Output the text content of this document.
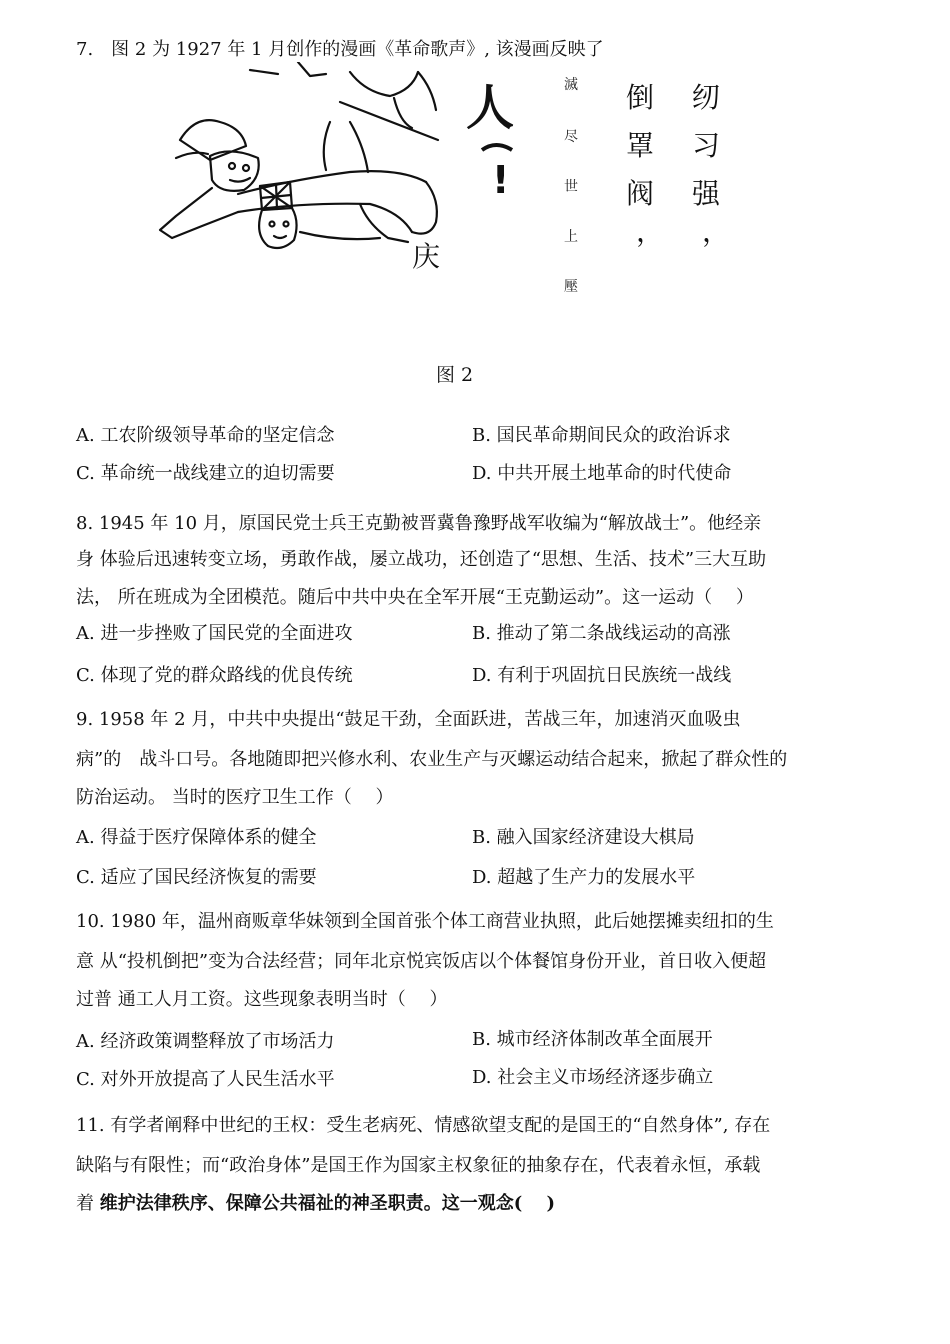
7.　图 2 为 1927 年 1 月创作的漫画《革命歌声》, 该漫画反映了
庆
人
!
滅
尽
世
上
壓
倒
罩
阀
，
纫
习
强
，
图 2
A. 工农阶级领导革命的坚定信念	B. 国民革命期间民众的政治诉求
C. 革命统一战线建立的迫切需要	D. 中共开展土地革命的时代使命
8. 1945 年 10 月，原国民党士兵王克勤被晋冀鲁豫野战军收编为“解放战士”。他经亲
身 体验后迅速转变立场，勇敢作战，屡立战功，还创造了“思想、生活、技术”三大互助
法， 所在班成为全团模范。随后中共中央在全军开展“王克勤运动”。这一运动（　 ）
A. 进一步挫败了国民党的全面进攻	B. 推动了第二条战线运动的高涨
C. 体现了党的群众路线的优良传统	D. 有利于巩固抗日民族统一战线
9. 1958 年 2 月，中共中央提出“鼓足干劲，全面跃进，苦战三年，加速消灭血吸虫
病”的　战斗口号。各地随即把兴修水利、农业生产与灭螺运动结合起来，掀起了群众性的
防治运动。 当时的医疗卫生工作（　 ）
A. 得益于医疗保障体系的健全	B. 融入国家经济建设大棋局
C. 适应了国民经济恢复的需要	D. 超越了生产力的发展水平
10. 1980 年，温州商贩章华妹领到全国首张个体工商营业执照，此后她摆摊卖纽扣的生
意 从“投机倒把”变为合法经营；同年北京悦宾饭店以个体餐馆身份开业，首日收入便超
过普 通工人月工资。这些现象表明当时（　 ）
A. 经济政策调整释放了市场活力	B. 城市经济体制改革全面展开
C. 对外开放提高了人民生活水平	D. 社会主义市场经济逐步确立
11. 有学者阐释中世纪的王权：受生老病死、情感欲望支配的是国王的“自然身体”, 存在
缺陷与有限性；而“政治身体”是国王作为国家主权象征的抽象存在，代表着永恒，承载
着 维护法律秩序、保障公共福祉的神圣职责。这一观念(　 )
